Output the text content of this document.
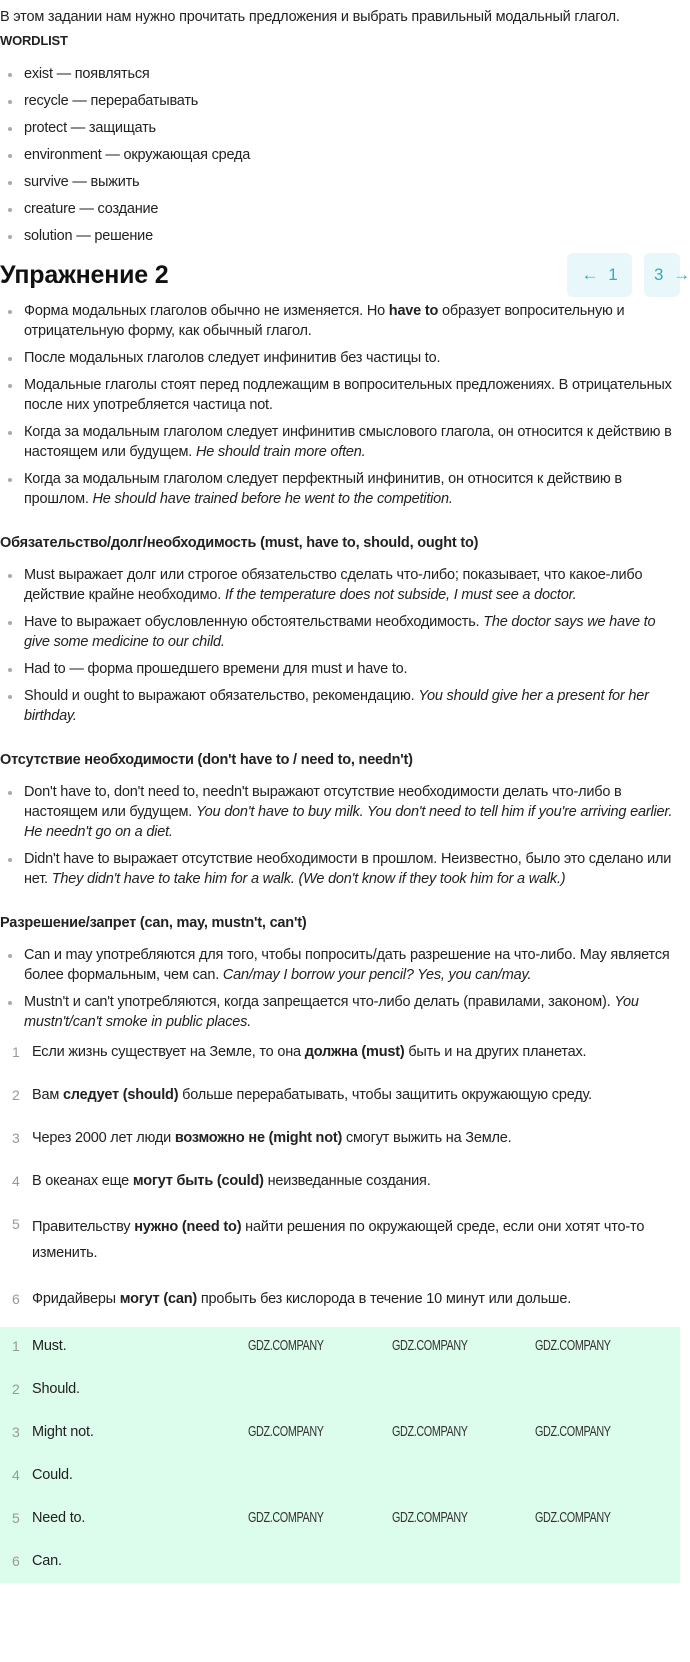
В этом задании нам нужно прочитать предложения и выбрать правильный модальный глагол.

WORDLIST
exist — появляться
recycle — перерабатывать
protect — защищать
environment — окружающая среда
survive — выжить
creature — создание
solution — решение
Упражнение 2	← 1 3 →
Форма модальных глаголов обычно не изменяется. Но have to образует вопросительную и отрицательную форму, как обычный глагол.
После модальных глаголов следует инфинитив без частицы to.
Модальные глаголы стоят перед подлежащим в вопросительных предложениях. В отрицательных после них употребляется частица not.
Когда за модальным глаголом следует инфинитив смыслового глагола, он относится к действию в настоящем или будущем. He should train more often.
Когда за модальным глаголом следует перфектный инфинитив, он относится к действию в прошлом. He should have trained before he went to the competition.
Обязательство/долг/необходимость (must, have to, should, ought to)
Must выражает долг или строгое обязательство сделать что-либо; показывает, что какое-либо действие крайне необходимо. If the temperature does not subside, I must see a doctor.
Have to выражает обусловленную обстоятельствами необходимость. The doctor says we have to give some medicine to our child.
Had to — форма прошедшего времени для must и have to.
Should и ought to выражают обязательство, рекомендацию. You should give her a present for her birthday.
Отсутствие необходимости (don't have to / need to, needn't)
Don't have to, don't need to, needn't выражают отсутствие необходимости делать что-либо в настоящем или будущем. You don't have to buy milk. You don't need to tell him if you're arriving earlier. He needn't go on a diet.
Didn't have to выражает отсутствие необходимости в прошлом. Неизвестно, было это сделано или нет. They didn't have to take him for a walk. (We don't know if they took him for a walk.)
Разрешение/запрет (can, may, mustn't, can't)
Can и may употребляются для того, чтобы попросить/дать разрешение на что-либо. May является более формальным, чем can. Can/may I borrow your pencil? Yes, you can/may.
Mustn't и can't употребляются, когда запрещается что-либо делать (правилами, законом). You mustn't/can't smoke in public places.
1 Если жизнь существует на Земле, то она должна (must) быть и на других планетах.
2 Вам следует (should) больше перерабатывать, чтобы защитить окружающую среду.
3 Через 2000 лет люди возможно не (might not) смогут выжить на Земле.
4 В океанах еще могут быть (could) неизведанные создания.
5 Правительству нужно (need to) найти решения по окружающей среде, если они хотят что-то изменить.
6 Фридайверы могут (can) пробыть без кислорода в течение 10 минут или дольше.
1 Must.
2 Should.
3 Might not.
4 Could.
5 Need to.
6 Can.
GDZ.COMPANY	GDZ.COMPANY	GDZ.COMPANY
GDZ.COMPANY	GDZ.COMPANY	GDZ.COMPANY
GDZ.COMPANY	GDZ.COMPANY	GDZ.COMPANY
